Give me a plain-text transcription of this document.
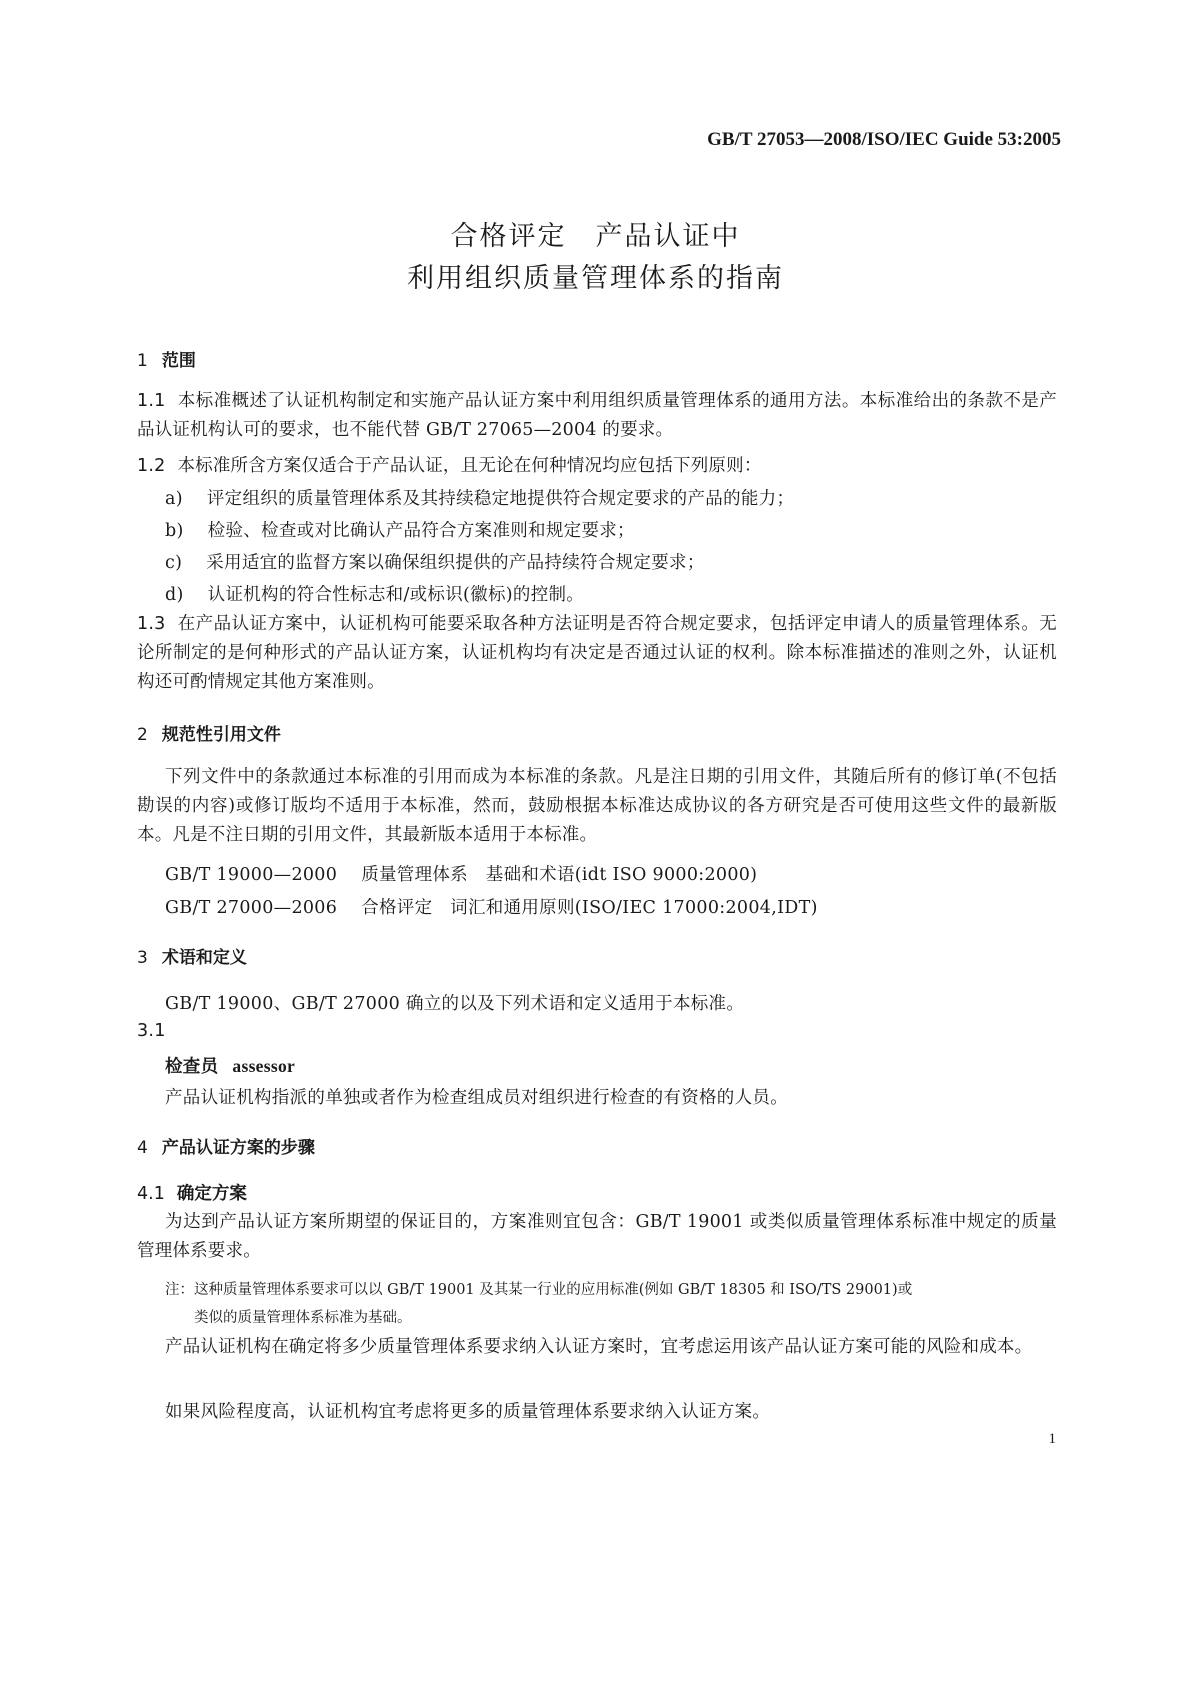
GB/T 27053—2008/ISO/IEC Guide 53:2005
合格评定　产品认证中
利用组织质量管理体系的指南
1 范围
1.1 本标准概述了认证机构制定和实施产品认证方案中利用组织质量管理体系的通用方法。本标准给出的条款不是产品认证机构认可的要求，也不能代替 GB/T 27065—2004 的要求。
1.2 本标准所含方案仅适合于产品认证，且无论在何种情况均应包括下列原则：
a) 评定组织的质量管理体系及其持续稳定地提供符合规定要求的产品的能力；
b) 检验、检查或对比确认产品符合方案准则和规定要求；
c) 采用适宜的监督方案以确保组织提供的产品持续符合规定要求；
d) 认证机构的符合性标志和/或标识(徽标)的控制。
1.3 在产品认证方案中，认证机构可能要采取各种方法证明是否符合规定要求，包括评定申请人的质量管理体系。无论所制定的是何种形式的产品认证方案，认证机构均有决定是否通过认证的权利。除本标准描述的准则之外，认证机构还可酌情规定其他方案准则。
2 规范性引用文件
下列文件中的条款通过本标准的引用而成为本标准的条款。凡是注日期的引用文件，其随后所有的修订单(不包括勘误的内容)或修订版均不适用于本标准，然而，鼓励根据本标准达成协议的各方研究是否可使用这些文件的最新版本。凡是不注日期的引用文件，其最新版本适用于本标准。
GB/T 19000—2000 质量管理体系　基础和术语(idt ISO 9000:2000)
GB/T 27000—2006 合格评定　词汇和通用原则(ISO/IEC 17000:2004,IDT)
3 术语和定义
GB/T 19000、GB/T 27000 确立的以及下列术语和定义适用于本标准。
3.1
检查员 assessor
产品认证机构指派的单独或者作为检查组成员对组织进行检查的有资格的人员。
4 产品认证方案的步骤
4.1 确定方案
为达到产品认证方案所期望的保证目的，方案准则宜包含：GB/T 19001 或类似质量管理体系标准中规定的质量管理体系要求。
注：这种质量管理体系要求可以以 GB/T 19001 及其某一行业的应用标准(例如 GB/T 18305 和 ISO/TS 29001)或
类似的质量管理体系标准为基础。
产品认证机构在确定将多少质量管理体系要求纳入认证方案时，宜考虑运用该产品认证方案可能的风险和成本。
如果风险程度高，认证机构宜考虑将更多的质量管理体系要求纳入认证方案。
1
